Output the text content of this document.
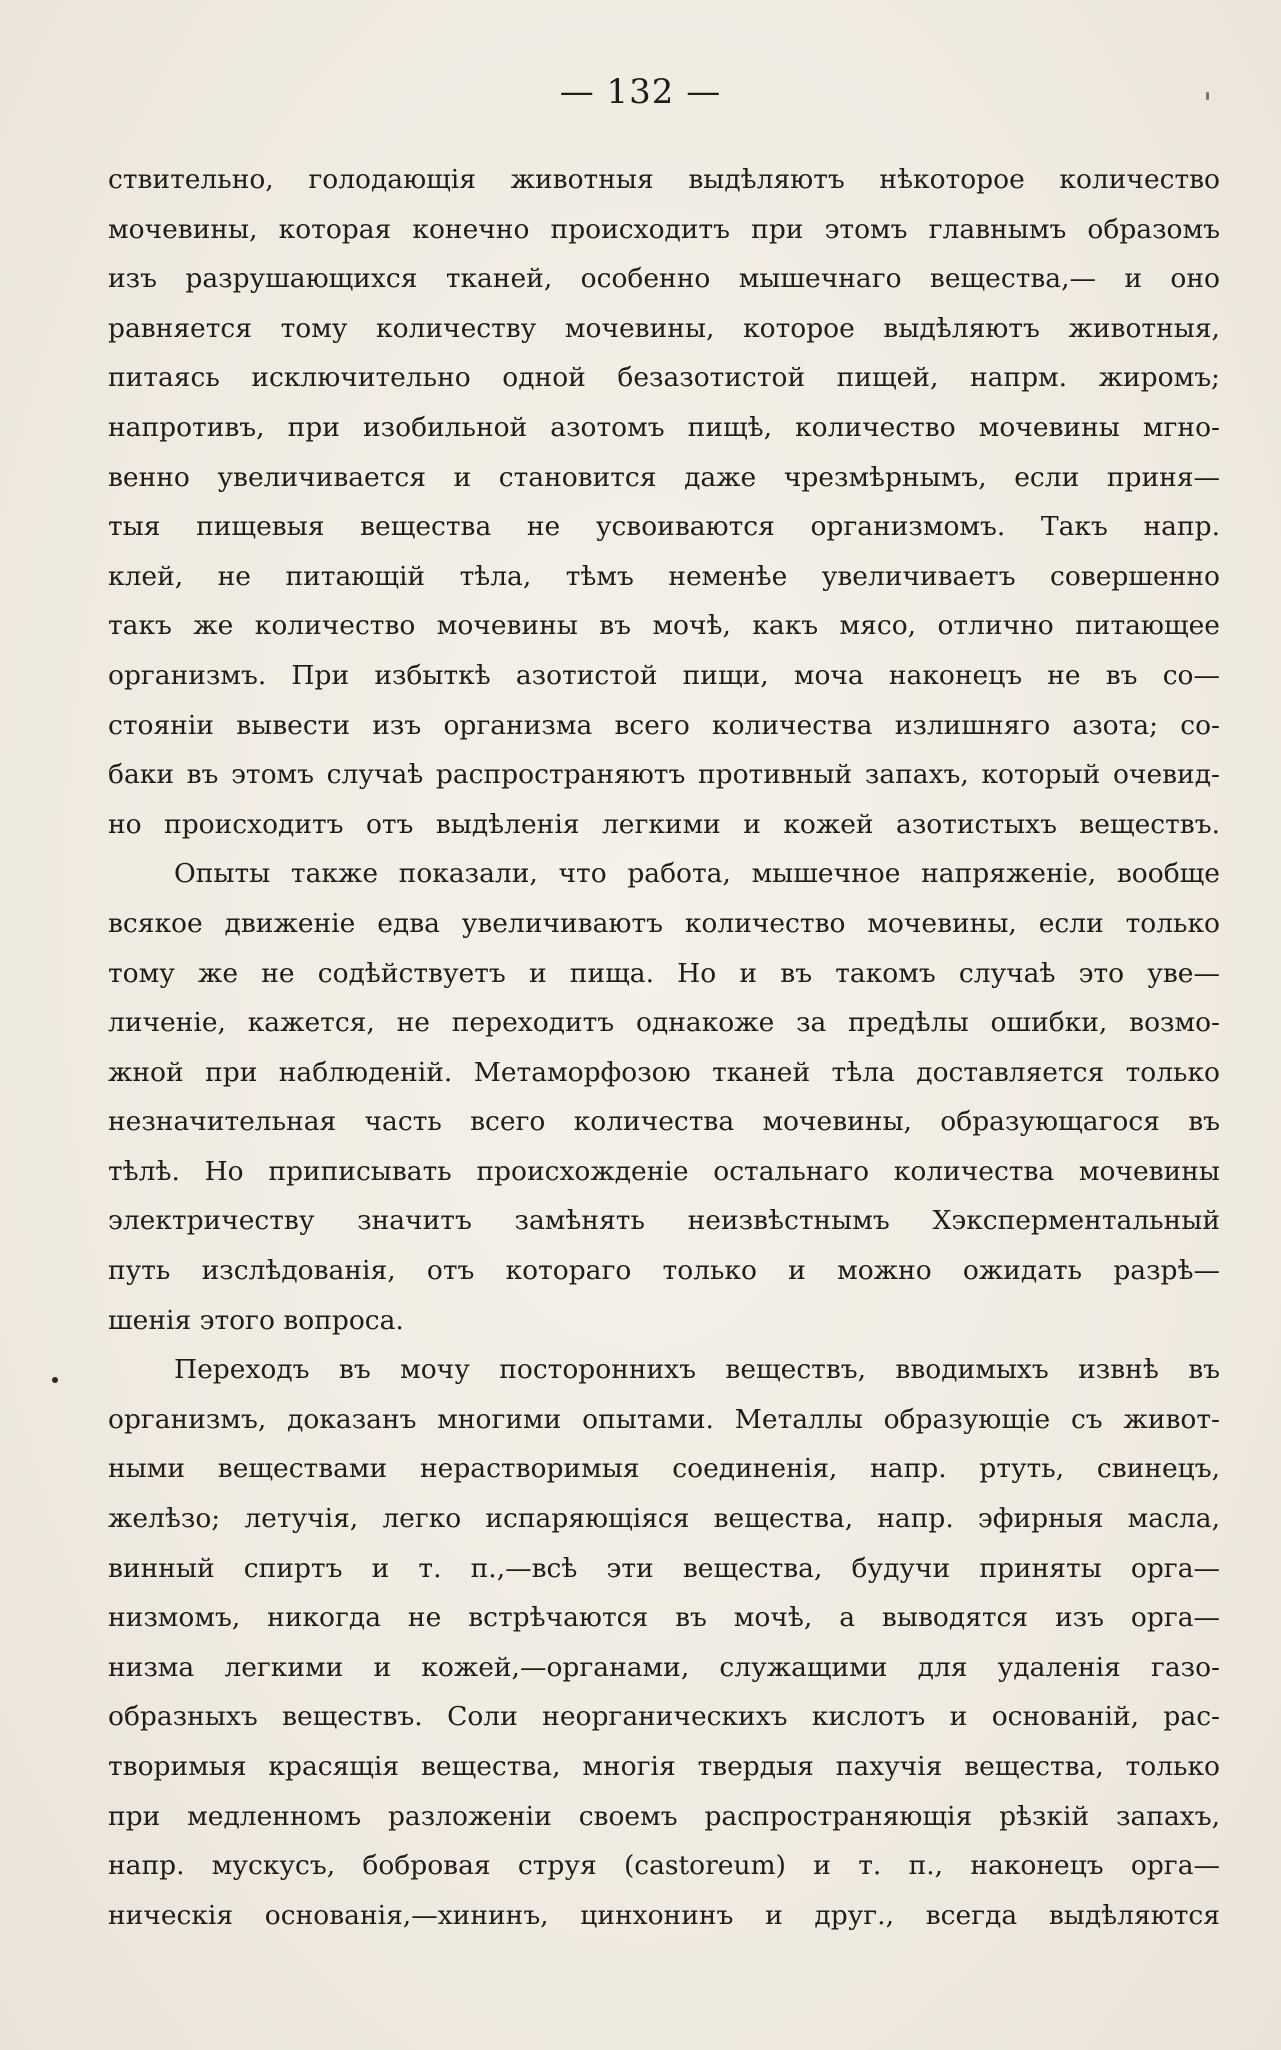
— 132 —

ствительно, голодающія животныя выдѣляютъ нѣкоторое количество
мочевины, которая конечно происходитъ при этомъ главнымъ образомъ
изъ разрушающихся тканей, особенно мышечнаго вещества,— и оно
равняется тому количеству мочевины, которое выдѣляютъ животныя,
питаясь исключительно одной безазотистой пищей, напрм. жиромъ;
напротивъ, при изобильной азотомъ пищѣ, количество мочевины мгно-
венно увеличивается и становится даже чрезмѣрнымъ, если приня—
тыя пищевыя вещества не усвоиваются организмомъ. Такъ напр.
клей, не питающій тѣла, тѣмъ неменѣе увеличиваетъ совершенно
такъ же количество мочевины въ мочѣ, какъ мясо, отлично питающее
организмъ. При избыткѣ азотистой пищи, моча наконецъ не въ со—
стояніи вывести изъ организма всего количества излишняго азота; со-
баки въ этомъ случаѣ распространяютъ противный запахъ, который очевид-
но происходитъ отъ выдѣленія легкими и кожей азотистыхъ веществъ.

Опыты также показали, что работа, мышечное напряженіе, вообще
всякое движеніе едва увеличиваютъ количество мочевины, если только
тому же не содѣйствуетъ и пища. Но и въ такомъ случаѣ это уве—
личеніе, кажется, не переходитъ однакоже за предѣлы ошибки, возмо-
жной при наблюденій. Метаморфозою тканей тѣла доставляется только
незначительная часть всего количества мочевины, образующагося въ
тѣлѣ. Но приписывать происхожденіе остальнаго количества мочевины
электричеству значитъ замѣнять неизвѣстнымъ Хэксперментальный
путь изслѣдованія, отъ котораго только и можно ожидать разрѣ—
шенія этого вопроса.

Переходъ въ мочу постороннихъ веществъ, вводимыхъ извнѣ въ
организмъ, доказанъ многими опытами. Металлы образующіе съ живот-
ными веществами нерастворимыя соединенія, напр. ртуть, свинецъ,
желѣзо; летучія, легко испаряющіяся вещества, напр. эфирныя масла,
винный спиртъ и т. п.,—всѣ эти вещества, будучи приняты орга—
низмомъ, никогда не встрѣчаются въ мочѣ, а выводятся изъ орга—
низма легкими и кожей,—органами, служащими для удаленія газо-
образныхъ веществъ. Соли неорганическихъ кислотъ и основаній, рас-
творимыя красящія вещества, многія твердыя пахучія вещества, только
при медленномъ разложеніи своемъ распространяющія рѣзкій запахъ,
напр. мускусъ, бобровая струя (castoreum) и т. п., наконецъ орга—
ническія основанія,—хининъ, цинхонинъ и друг., всегда выдѣляются
